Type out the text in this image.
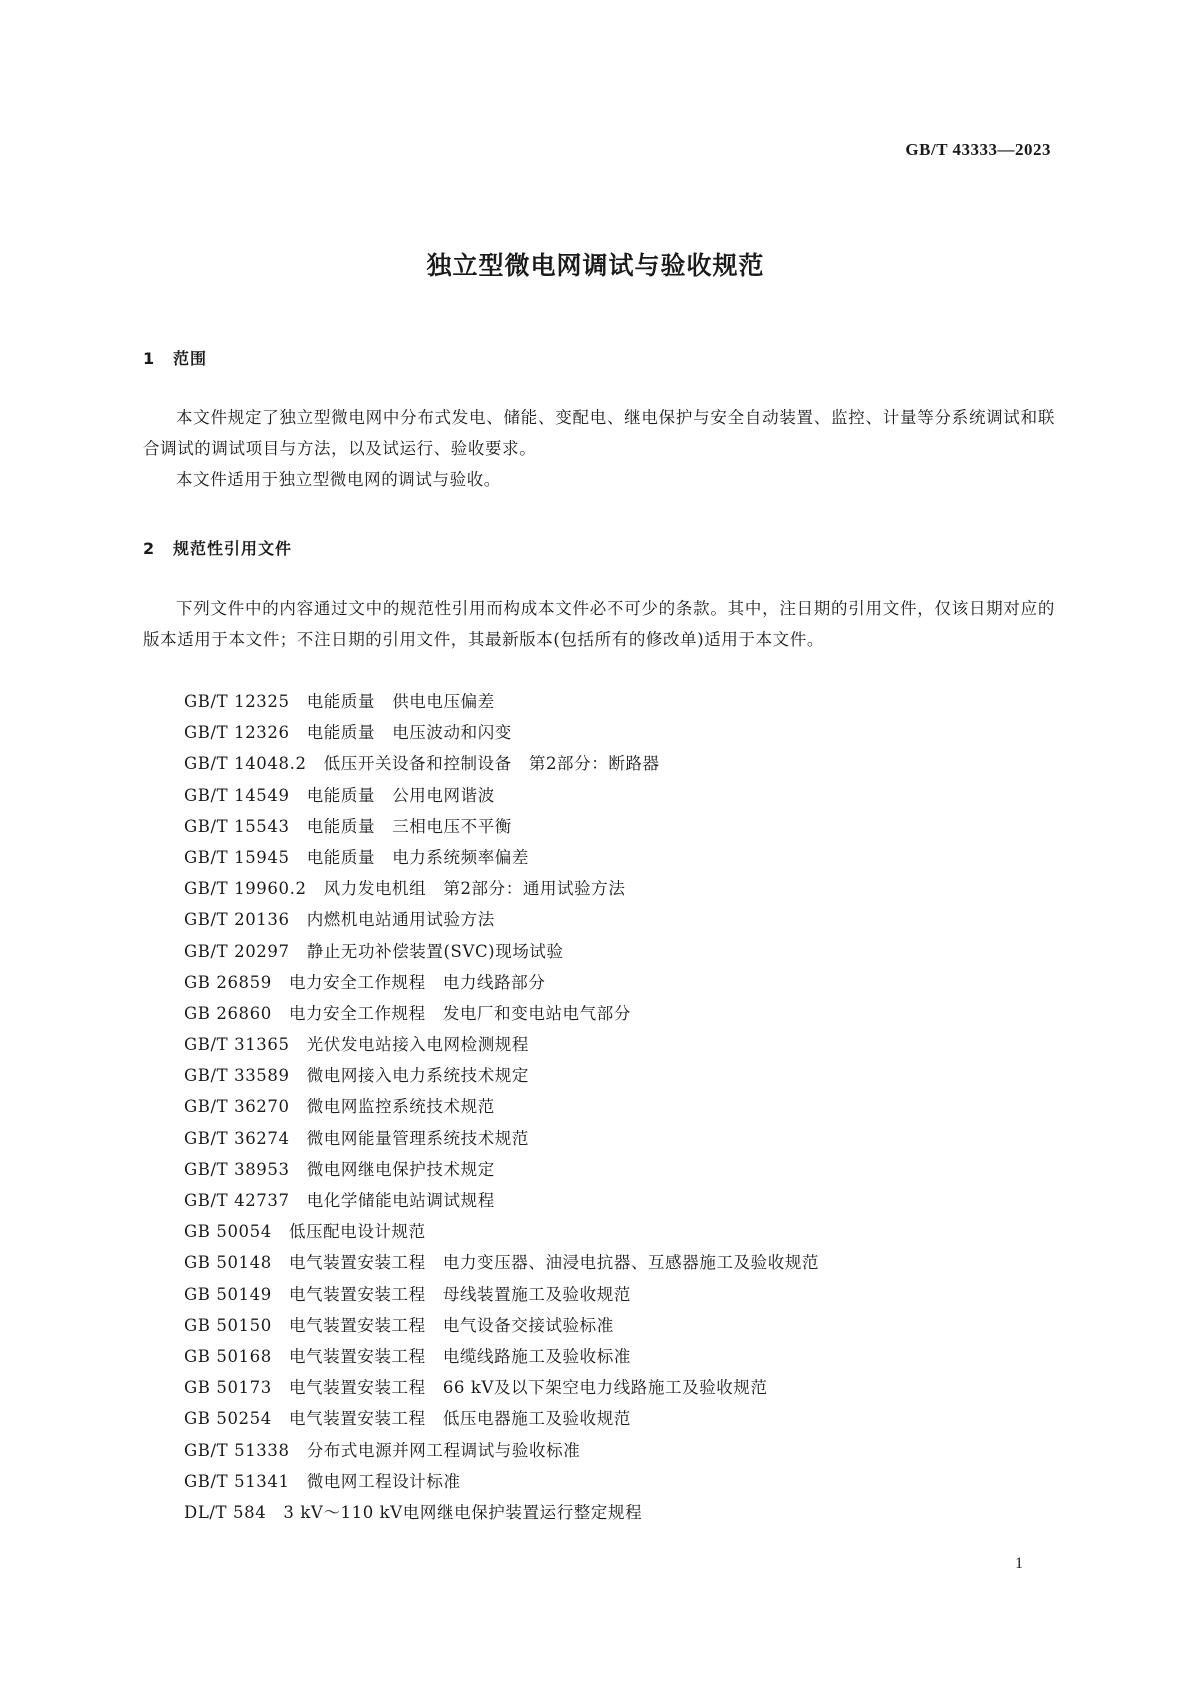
GB/T 43333—2023

独立型微电网调试与验收规范
1 范围

本文件规定了独立型微电网中分布式发电、储能、变配电、继电保护与安全自动装置、监控、计量等分系统调试和联合调试的调试项目与方法，以及试运行、验收要求。

本文件适用于独立型微电网的调试与验收。

2 规范性引用文件

下列文件中的内容通过文中的规范性引用而构成本文件必不可少的条款。其中，注日期的引用文件，仅该日期对应的版本适用于本文件；不注日期的引用文件，其最新版本(包括所有的修改单)适用于本文件。

GB/T 12325　电能质量　供电电压偏差
GB/T 12326　电能质量　电压波动和闪变
GB/T 14048.2　低压开关设备和控制设备　第2部分：断路器
GB/T 14549　电能质量　公用电网谐波
GB/T 15543　电能质量　三相电压不平衡
GB/T 15945　电能质量　电力系统频率偏差
GB/T 19960.2　风力发电机组　第2部分：通用试验方法
GB/T 20136　内燃机电站通用试验方法
GB/T 20297　静止无功补偿装置(SVC)现场试验
GB 26859　电力安全工作规程　电力线路部分
GB 26860　电力安全工作规程　发电厂和变电站电气部分
GB/T 31365　光伏发电站接入电网检测规程
GB/T 33589　微电网接入电力系统技术规定
GB/T 36270　微电网监控系统技术规范
GB/T 36274　微电网能量管理系统技术规范
GB/T 38953　微电网继电保护技术规定
GB/T 42737　电化学储能电站调试规程
GB 50054　低压配电设计规范
GB 50148　电气装置安装工程　电力变压器、油浸电抗器、互感器施工及验收规范
GB 50149　电气装置安装工程　母线装置施工及验收规范
GB 50150　电气装置安装工程　电气设备交接试验标准
GB 50168　电气装置安装工程　电缆线路施工及验收标准
GB 50173　电气装置安装工程　66 kV及以下架空电力线路施工及验收规范
GB 50254　电气装置安装工程　低压电器施工及验收规范
GB/T 51338　分布式电源并网工程调试与验收标准
GB/T 51341　微电网工程设计标准
DL/T 584　3 kV～110 kV电网继电保护装置运行整定规程

1
